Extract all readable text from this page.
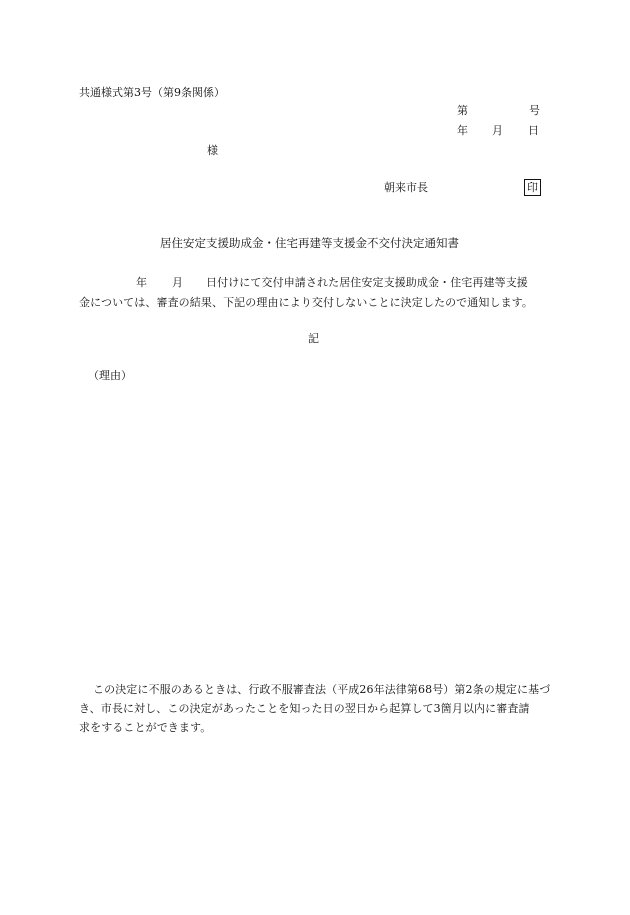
共通様式第3号（第9条関係）
第	号
年 月 日
様
朝来市長	印
居住安定支援助成金・住宅再建等支援金不交付決定通知書
年 月 日付けにて交付申請された居住安定支援助成金・住宅再建等支援
金については、審査の結果、下記の理由により交付しないことに決定したので通知します。
記
（理由）
この決定に不服のあるときは、行政不服審査法（平成26年法律第68号）第2条の規定に基づ
き、市長に対し、この決定があったことを知った日の翌日から起算して3箇月以内に審査請
求をすることができます。
